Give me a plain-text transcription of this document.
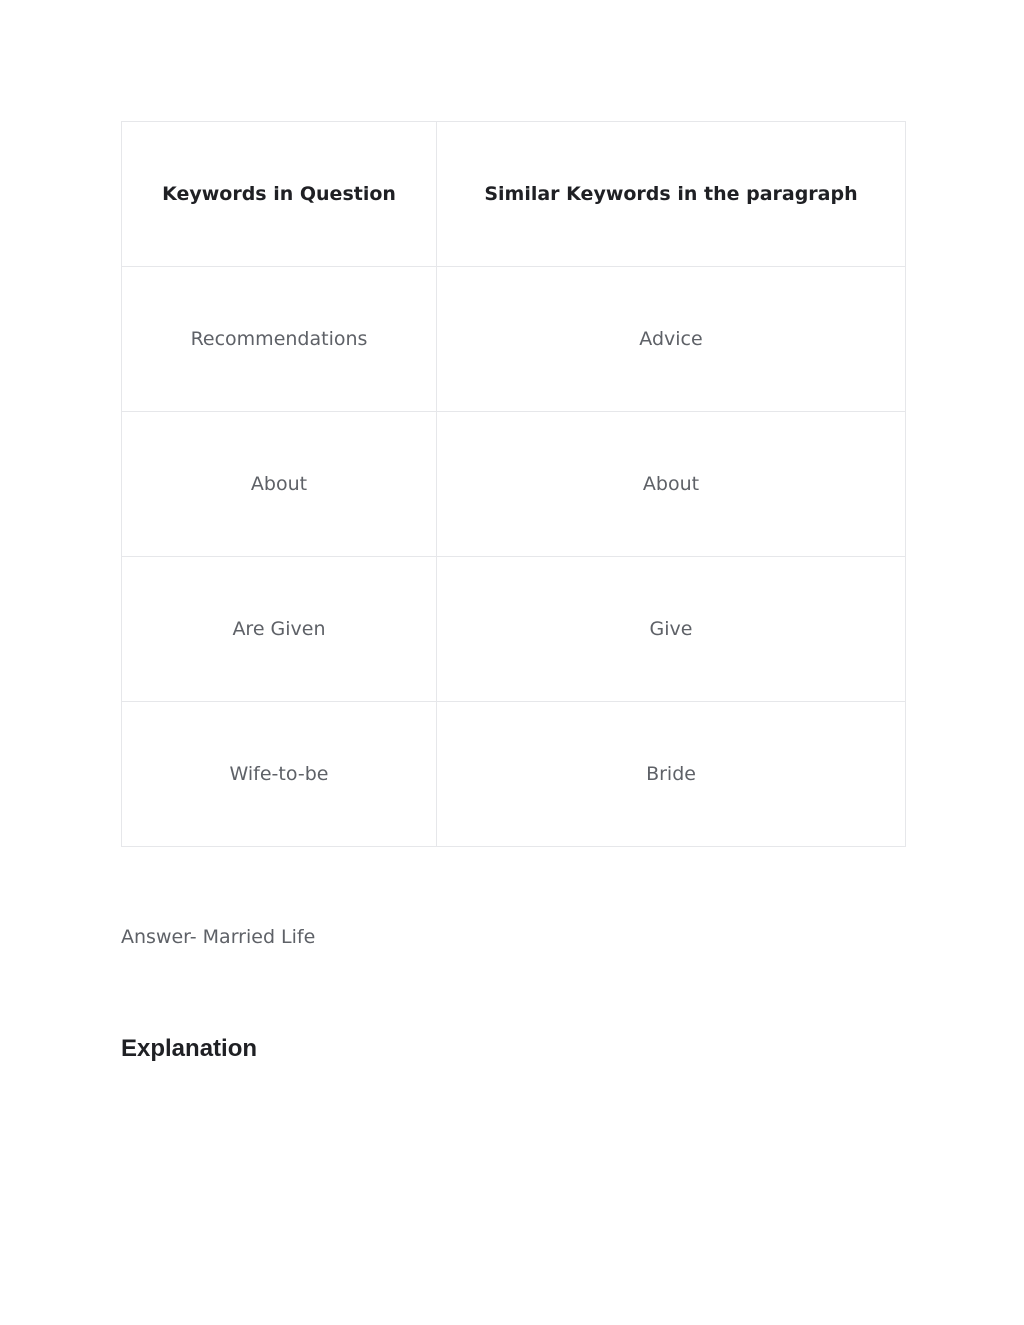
Keywords in Question	Similar Keywords in the paragraph
Recommendations	Advice
About	About
Are Given	Give
Wife-to-be	Bride

Answer- Married Life

Explanation
